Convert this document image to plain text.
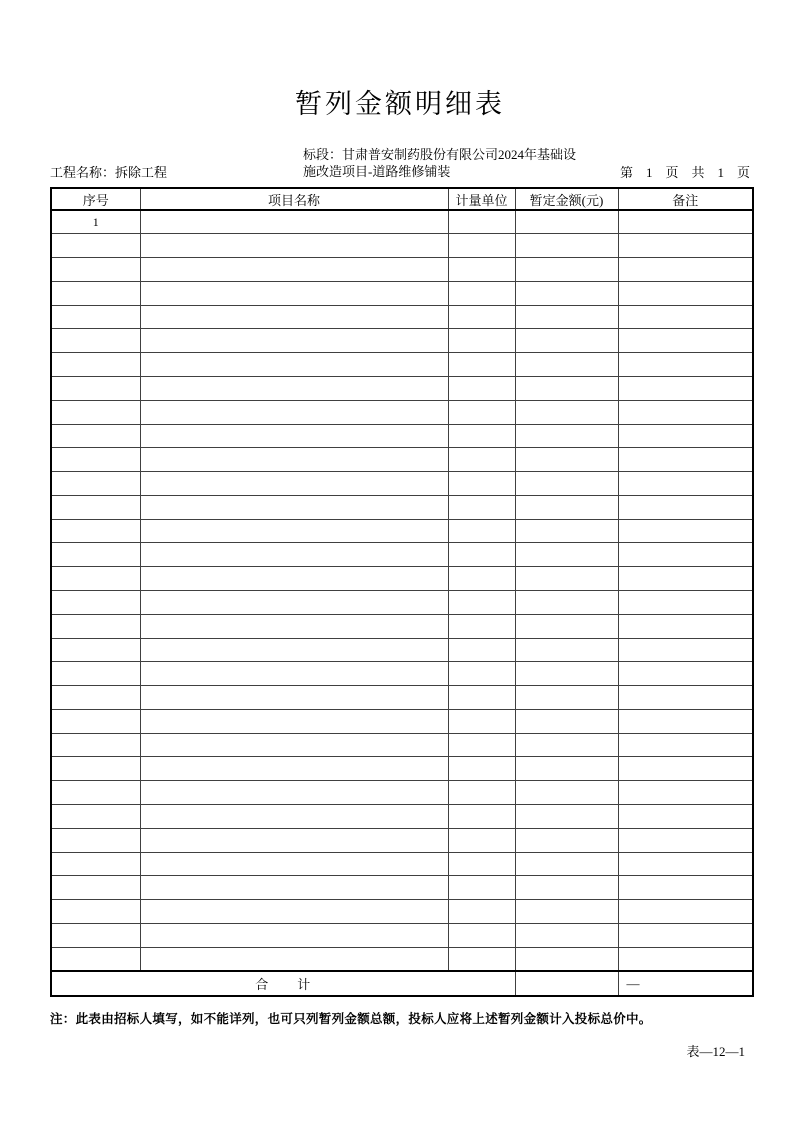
暂列金额明细表
工程名称：拆除工程
标段：甘肃普安制药股份有限公司2024年基础设
施改造项目-道路维修铺装	第　1　页　共　1　页
序号	项目名称	计量单位	暂定金额(元)	备注
1				

合　　计				—
注：此表由招标人填写，如不能详列，也可只列暂列金额总额，投标人应将上述暂列金额计入投标总价中。
表—12—1
